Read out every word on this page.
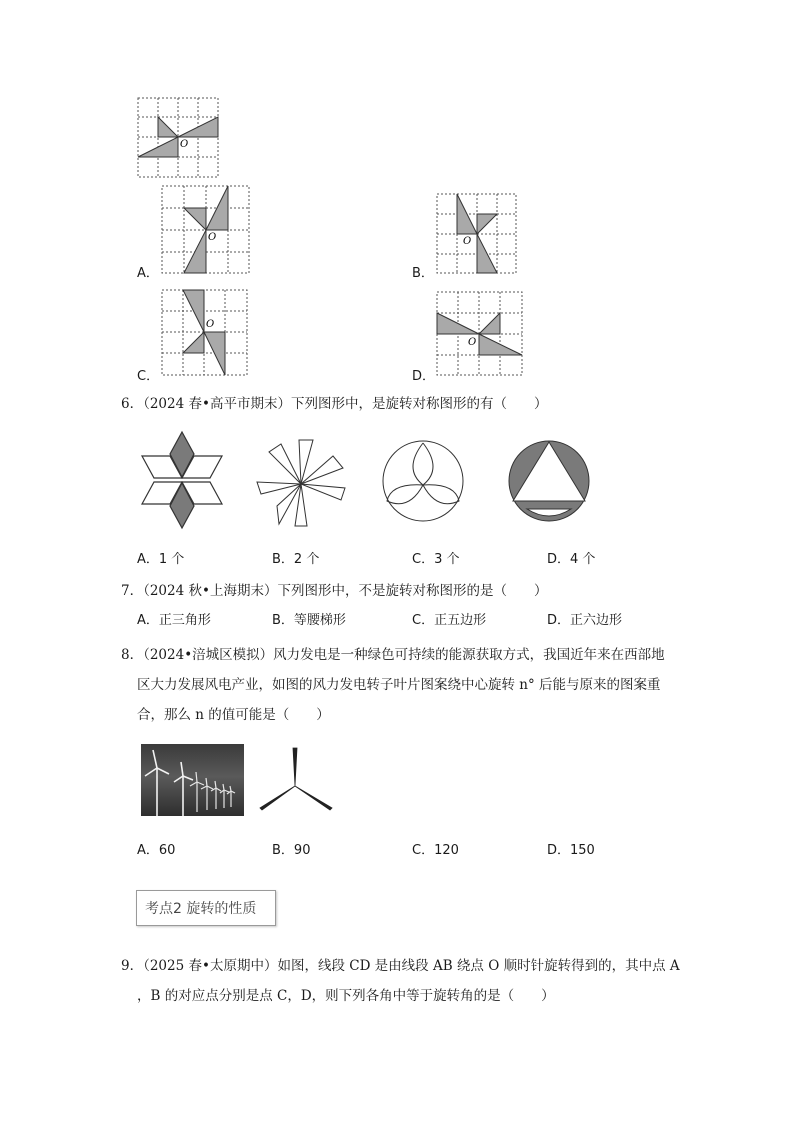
O
A．
O
B．
O
C．
O
D．
O
6．（2024 春•高平市期末）下列图形中，是旋转对称图形的有（　　）
A．1 个	B．2 个	C．3 个	D．4 个
7．（2024 秋•上海期末）下列图形中，不是旋转对称图形的是（　　）
A．正三角形	B．等腰梯形	C．正五边形	D．正六边形
8．（2024•涪城区模拟）风力发电是一种绿色可持续的能源获取方式，我国近年来在西部地
区大力发展风电产业，如图的风力发电转子叶片图案绕中心旋转 n° 后能与原来的图案重
合，那么 n 的值可能是（　　）
A．60	B．90	C．120	D．150
考点2 旋转的性质
9．（2025 春•太原期中）如图，线段 CD 是由线段 AB 绕点 O 顺时针旋转得到的，其中点 A
，B 的对应点分别是点 C，D，则下列各角中等于旋转角的是（　　）
